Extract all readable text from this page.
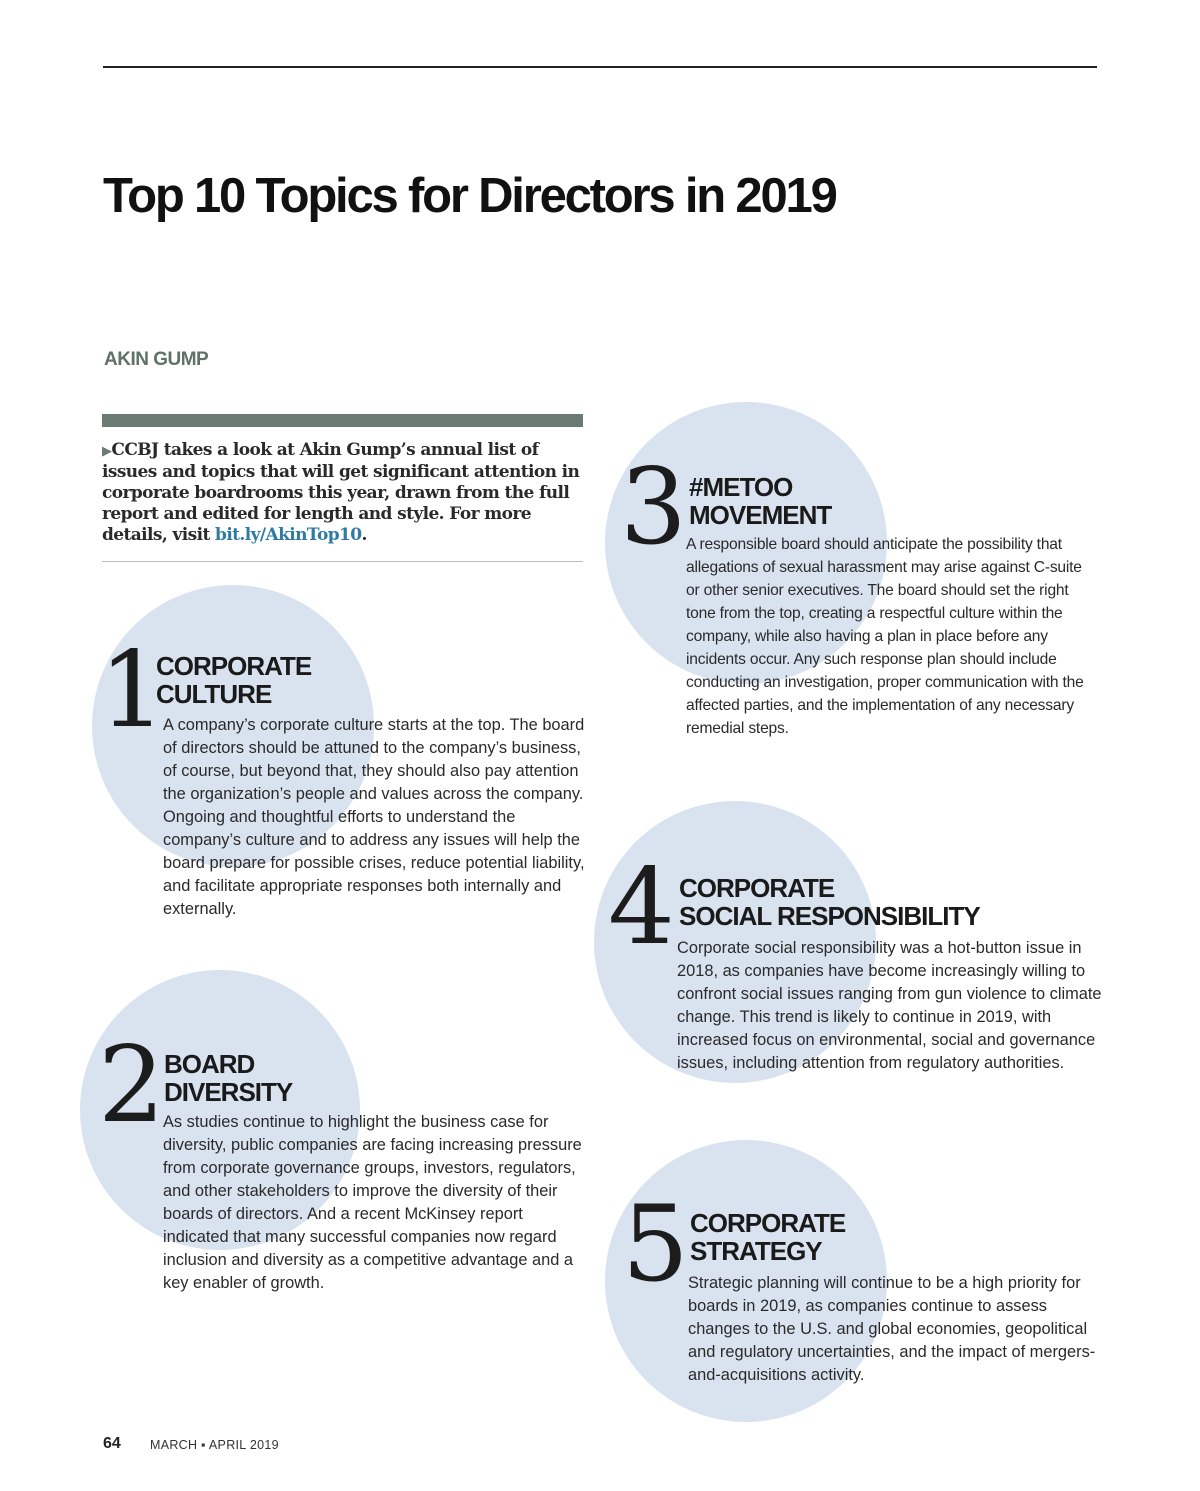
Top 10 Topics for Directors in 2019
AKIN GUMP

▶CCBJ takes a look at Akin Gump’s annual list of issues and topics that will get significant attention in corporate boardrooms this year, drawn from the full report and edited for length and style. For more details, visit bit.ly/AkinTop10.

1
CORPORATE
CULTURE

A company’s corporate culture starts at the top. The board of directors should be attuned to the company’s business, of course, but beyond that, they should also pay attention the organization’s people and values across the company. Ongoing and thoughtful efforts to understand the company’s culture and to address any issues will help the board prepare for possible crises, reduce potential liability, and facilitate appropriate responses both internally and externally.

2 BOARD
DIVERSITY

As studies continue to highlight the business case for diversity, public companies are facing increasing pressure from corporate governance groups, investors, regulators, and other stakeholders to improve the diversity of their boards of directors. And a recent McKinsey report indicated that many successful companies now regard inclusion and diversity as a competitive advantage and a key enabler of growth.

3 #METOO
MOVEMENT

A responsible board should anticipate the possibility that allegations of sexual harassment may arise against C-suite or other senior executives. The board should set the right tone from the top, creating a respectful culture within the company, while also having a plan in place before any incidents occur. Any such response plan should include conducting an investigation, proper communication with the affected parties, and the implementation of any necessary remedial steps.

4 CORPORATE
SOCIAL RESPONSIBILITY

Corporate social responsibility was a hot-button issue in 2018, as companies have become increasingly willing to confront social issues ranging from gun violence to climate change. This trend is likely to continue in 2019, with increased focus on environmental, social and governance issues, including attention from regulatory authorities.

5 CORPORATE
STRATEGY

Strategic planning will continue to be a high priority for boards in 2019, as companies continue to assess changes to the U.S. and global economies, geopolitical and regulatory uncertainties, and the impact of mergers-and-acquisitions activity.

64 MARCH ▪ APRIL 2019
